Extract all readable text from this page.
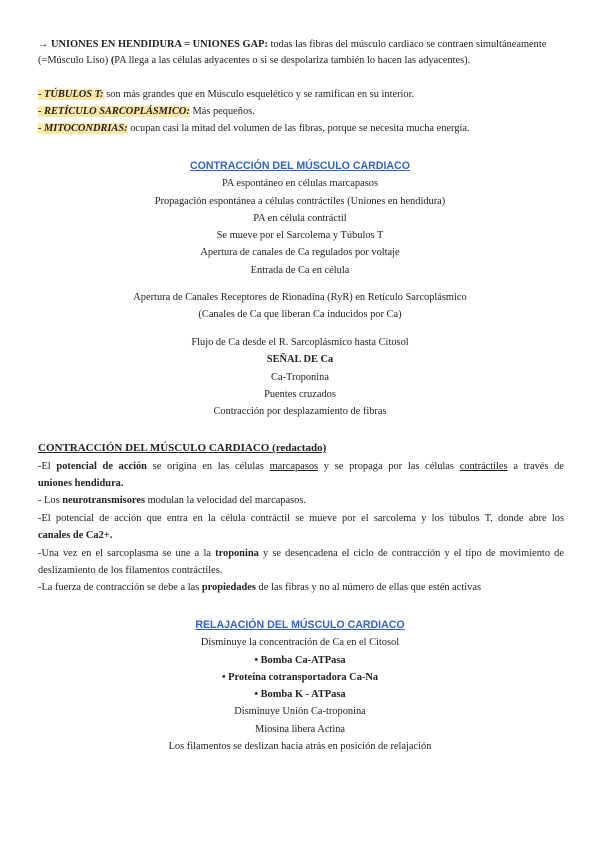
→ UNIONES EN HENDIDURA = UNIONES GAP: todas las fibras del músculo cardiaco se contraen simultáneamente
(=Músculo Liso) (PA llega a las células adyacentes o si se despolariza también lo hacen las adyacentes).
- TÚBULOS T: son más grandes que en Músculo esquelético y se ramifican en su interior.
- RETÍCULO SARCOPLÁSMICO: Más pequeños.
- MITOCONDRIAS: ocupan casi la mitad del volumen de las fibras, porque se necesita mucha energía.
CONTRACCIÓN DEL MÚSCULO CARDIACO
PA espontáneo en células marcapasos
Propagación espontánea a células contráctiles (Uniones en hendidura)
PA en célula contráctil
Se mueve por el Sarcolema y Túbulos T
Apertura de canales de Ca regulados por voltaje
Entrada de Ca en célula
Apertura de Canales Receptores de Rionadina (RyR) en Retículo Sarcoplásmico
(Canales de Ca que liberan Ca inducidos por Ca)
Flujo de Ca desde el R. Sarcoplásmico hasta Citosol
SEÑAL DE Ca
Ca-Troponina
Puentes cruzados
Contracción por desplazamiento de fibras
CONTRACCIÓN DEL MÚSCULO CARDIACO (redactado)
-El potencial de acción se origina en las células marcapasos y se propaga por las células contráctiles a través de
uniones hendidura.
- Los neurotransmisores modulan la velocidad del marcapasos.
-El potencial de acción que entra en la célula contráctil se mueve por el sarcolema y los túbulos T, donde abre los
canales de Ca2+.
-Una vez en el sarcoplasma se une a la troponina y se desencadena el ciclo de contracción y el tipo de movimiento de
deslizamiento de los filamentos contráctiles.
-La fuerza de contracción se debe a las propiedades de las fibras y no al número de ellas que estén activas
RELAJACIÓN DEL MÚSCULO CARDIACO
Disminuye la concentración de Ca en el Citosol
• Bomba Ca-ATPasa
• Proteína cotransportadora Ca-Na
• Bomba K - ATPasa
Disminuye Unión Ca-troponina
Miosina libera Actina
Los filamentos se deslizan hacia atrás en posición de relajación
